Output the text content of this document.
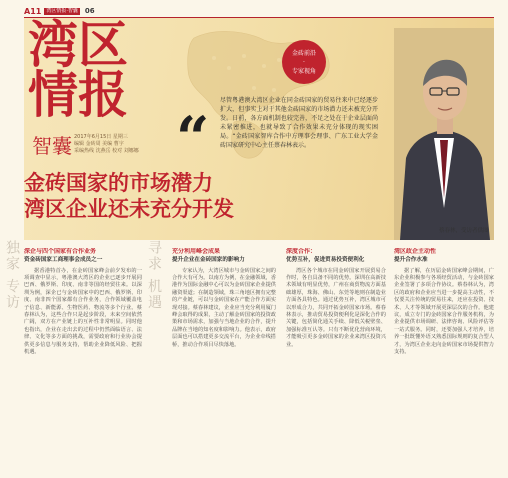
A11	湾区情报·智囊 06
湾区
情报
智囊 2017年6月15日 星期三
编辑 金砖周 美编 曹宇
采编热线 沈燕岳 校对 刘娜娜
金砖前沿
·
专家视角
“
尽管粤港澳大湾区企业在同金砖国家的贸易往来中已经逐步扩大，但事实上对于其他金砖国家的市场潜力还未被充分开发。日前，各方面机制也较完善，不足之处在于企业层面尚未紧密推进，也就导致了合作效果未充分体现的现实困局。“金砖国家智库合作中方理事会理事、广东工业大学金砖国家研究中心主任蔡春林表示。
蔡春林，受访者供图
金砖国家的市场潜力
湾区企业还未充分开发
独家 专访 深企与四个国家有合作业务
资金砖国家工商理事会成员之一

据香港特首办，在金砖国家峰会前夕发布的一项调查中显示，粤港澳大湾区的企业已逐步开展同巴西、俄罗斯、印度、南非等国的经贸往来。以深圳为例，深企已与金砖国家中的巴西、俄罗斯、印度、南非四个国家都有合作业务，合作领域覆盖电子信息、新能源、生物医药、物流等多个行业。蔡春林认为，这些合作只是起步阶段，未来空间依然广阔，双方在产业链上的互补性非常明显。同时他也指出，企业在走出去的过程中仍然面临语言、法律、文化等多方面的挑战，需要政府和行业协会提供更多信息与服务支持，帮助企业降低风险、把握机遇。

寻求 机遇 充分利用峰会成果
提升企业在金砖国家的影响力

专家认为，大湾区城市与金砖国家之间的合作大有可为。以南方为例，在金融领域，香港作为国际金融中心可以为金砖国家企业提供融资渠道；在制造领域，珠三角地区拥有完整的产业链，可以与金砖国家在产能合作方面实现对接。蔡春林建议，企业应当充分利用厦门峰会取得的成果，主动了解金砖国家的投资政策和市场需求，加强与当地企业的合作，提升品牌在当地的知名度和影响力。他表示，政府层面也可以搭建更多交流平台，为企业牵线搭桥，推动合作项目尽快落地。

深度合作：
优势互补，促进贸易投资便利化

湾区各个城市在同金砖国家开展贸易合作时，各自具备不同的优势。深圳在高新技术领域有明显优势，广州在商贸物流方面基础雄厚，珠海、佛山、东莞等地则在制造业方面各具特色。通过优势互补，湾区城市可以形成合力，共同开拓金砖国家市场。蔡春林表示，推动贸易投资便利化是深化合作的关键，包括简化通关手续、降低关税壁垒、加强标准互认等。只有不断优化营商环境，才能吸引更多金砖国家的企业来湾区投资兴业。

湾区政企主动性
提升合作水准

据了解，在历届金砖国家峰会期间，广东企业积极参与各项经贸活动，与金砖国家企业签署了多项合作协议。蔡春林认为，湾区的政府和企业应当进一步提高主动性，不仅要关注传统的贸易往来，还应在投资、技术、人才等领域开展更深层次的合作。他建议，成立专门的金砖国家合作服务机构，为企业提供市场调研、法律咨询、风险评估等一站式服务。同时，还要加强人才培养，培养一批既懂外语又熟悉国际规则的复合型人才，为湾区企业走向金砖国家市场提供智力支持。
